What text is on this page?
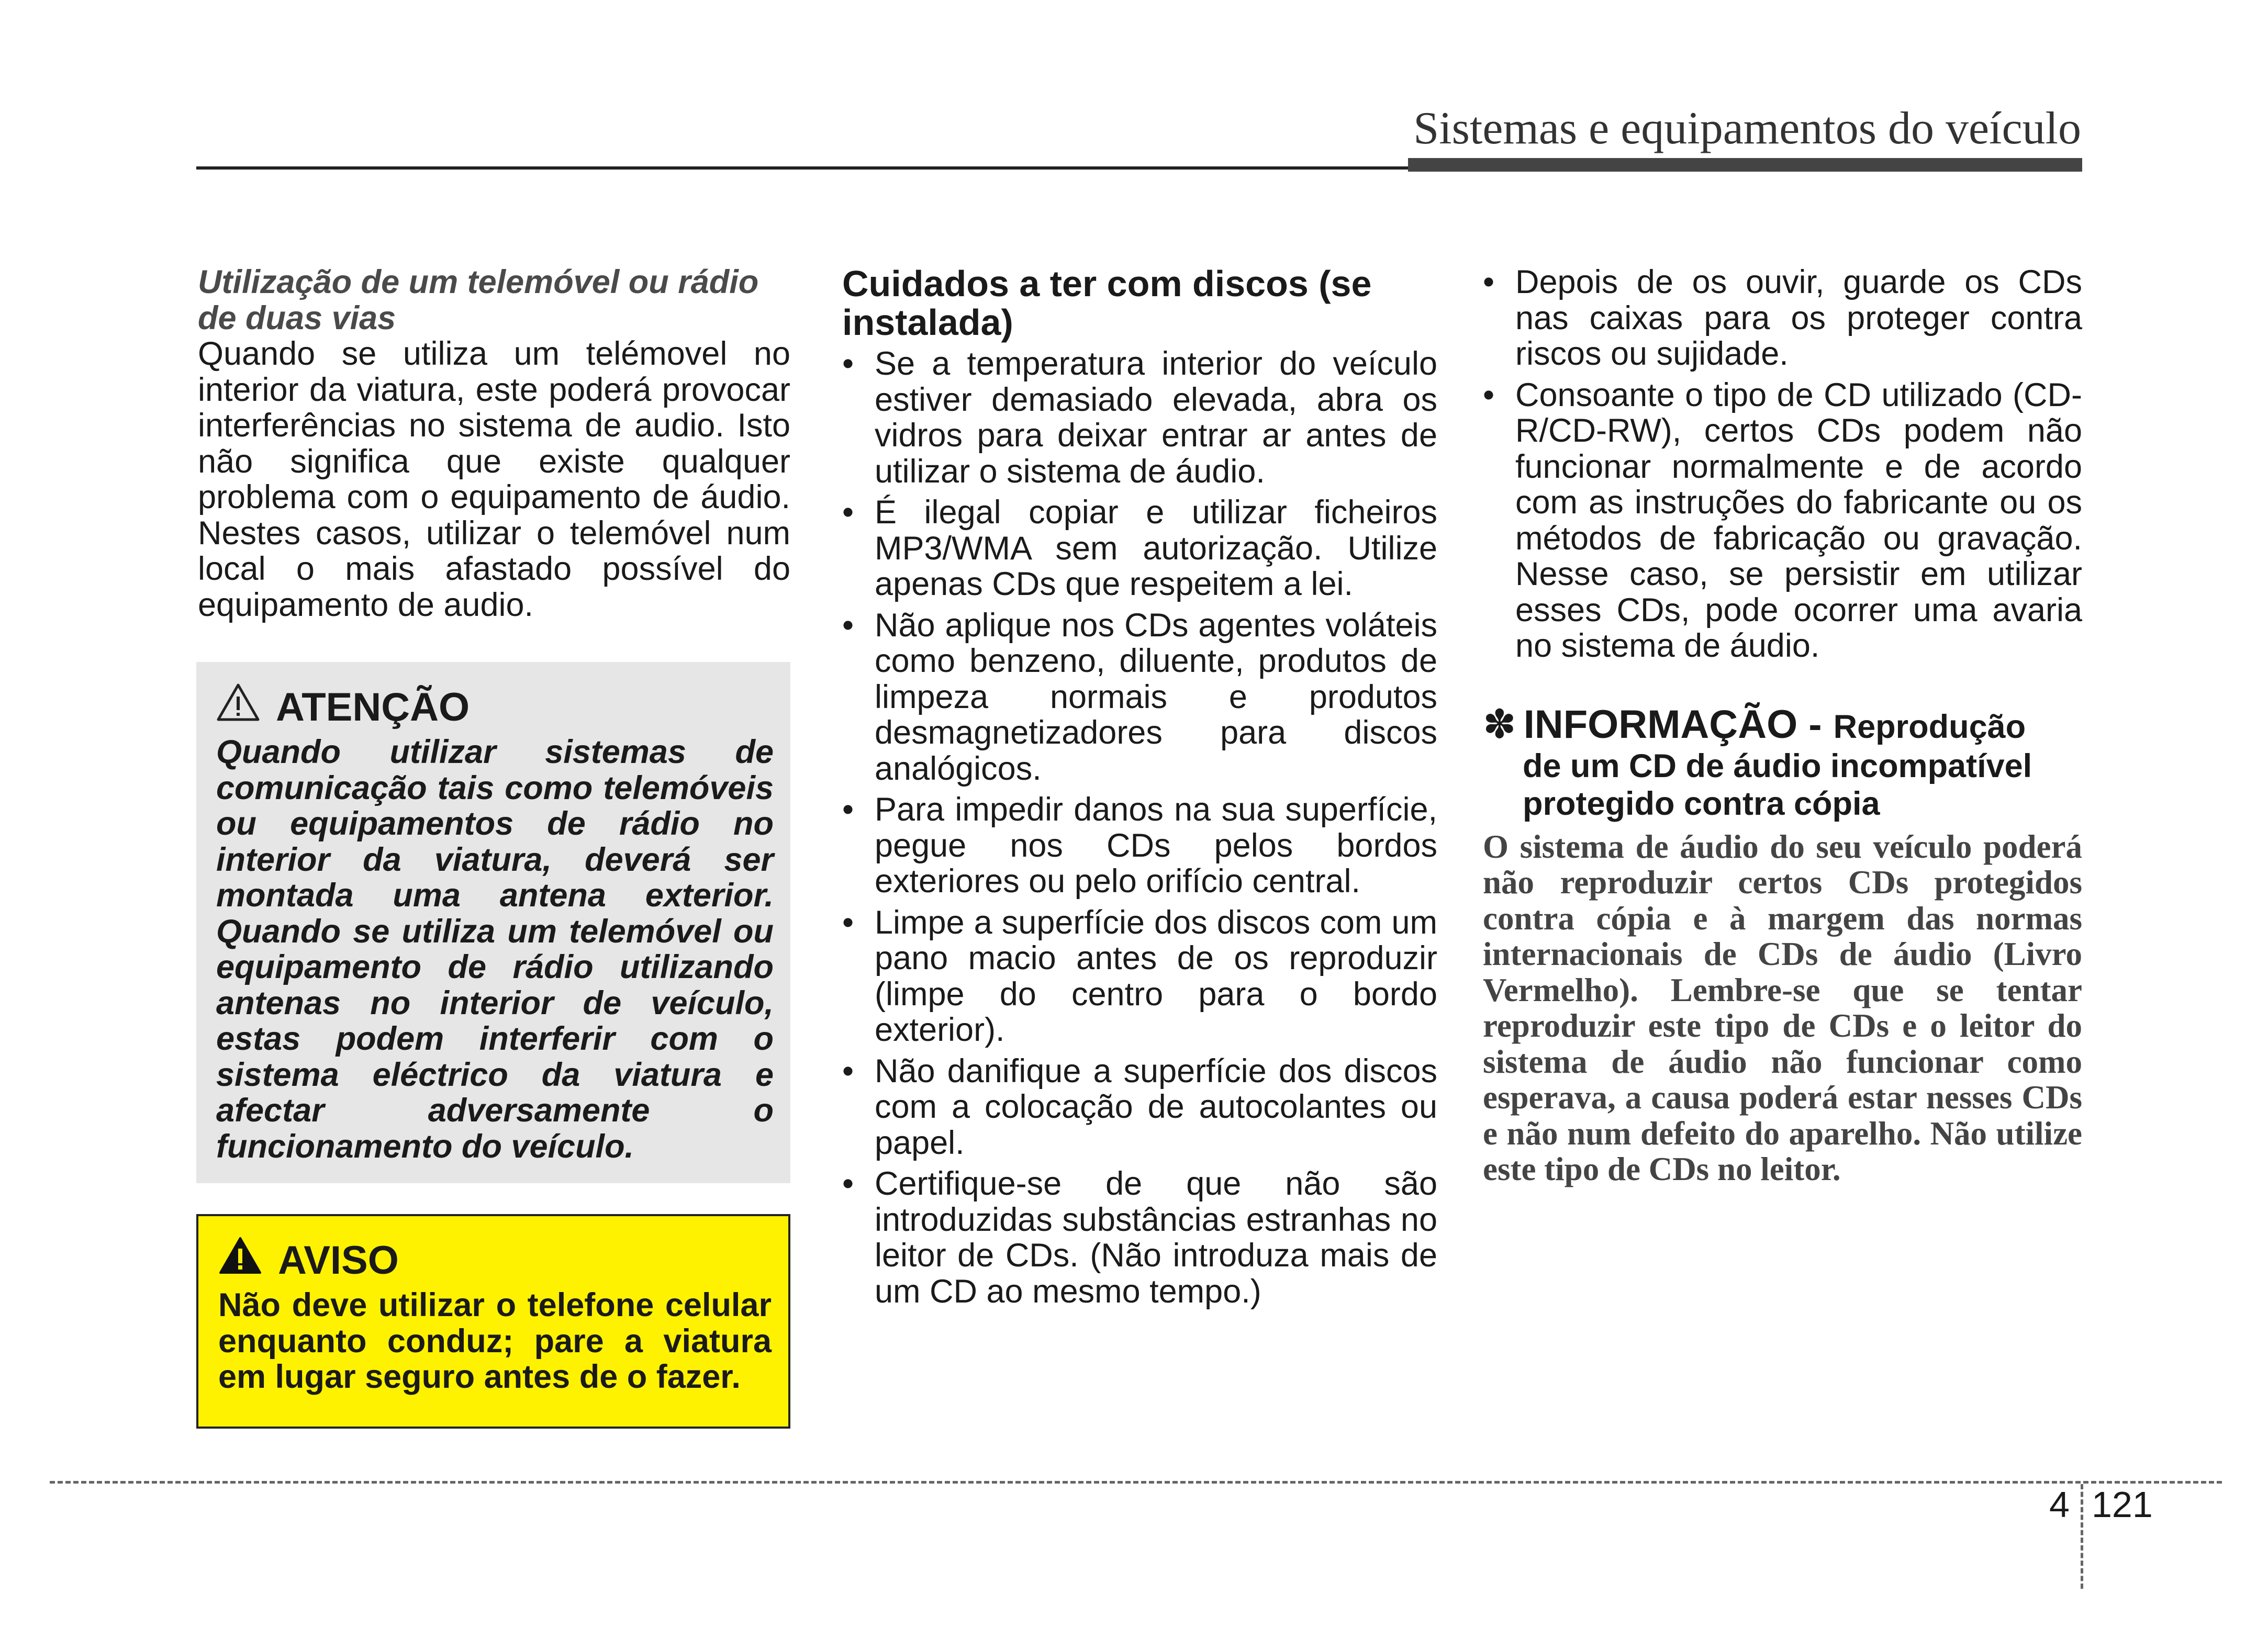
Sistemas e equipamentos do veículo

Utilização de um telemóvel ou rádio de duas vias

Quando se utiliza um telémovel no interior da viatura, este poderá provocar interferências no sistema de audio. Isto não significa que existe qualquer problema com o equipamento de áudio. Nestes casos, utilizar o telemóvel num local o mais afastado possível do equipamento de audio.

ATENÇÃO

Quando utilizar sistemas de comunicação tais como telemóveis ou equipamentos de rádio no interior da viatura, deverá ser montada uma antena exterior. Quando se utiliza um telemóvel ou equipamento de rádio utilizando antenas no interior de veículo, estas podem interferir com o sistema eléctrico da viatura e afectar adversamente o funcionamento do veículo.

AVISO

Não deve utilizar o telefone celular enquanto conduz; pare a viatura em lugar seguro antes de o fazer.

Cuidados a ter com discos (se instalada)

• Se a temperatura interior do veículo estiver demasiado elevada, abra os vidros para deixar entrar ar antes de utilizar o sistema de áudio.
• É ilegal copiar e utilizar ficheiros MP3/WMA sem autorização. Utilize apenas CDs que respeitem a lei.
• Não aplique nos CDs agentes voláteis como benzeno, diluente, produtos de limpeza normais e produtos desmagnetizadores para discos analógicos.
• Para impedir danos na sua superfície, pegue nos CDs pelos bordos exteriores ou pelo orifício central.
• Limpe a superfície dos discos com um pano macio antes de os reproduzir (limpe do centro para o bordo exterior).
• Não danifique a superfície dos discos com a colocação de autocolantes ou papel.
• Certifique-se de que não são introduzidas substâncias estranhas no leitor de CDs. (Não introduza mais de um CD ao mesmo tempo.)
• Depois de os ouvir, guarde os CDs nas caixas para os proteger contra riscos ou sujidade.
• Consoante o tipo de CD utilizado (CD-R/CD-RW), certos CDs podem não funcionar normalmente e de acordo com as instruções do fabricante ou os métodos de fabricação ou gravação. Nesse caso, se persistir em utilizar esses CDs, pode ocorrer uma avaria no sistema de áudio.
✽ INFORMAÇÃO - Reprodução
de um CD de áudio incompatível
protegido contra cópia

O sistema de áudio do seu veículo poderá não reproduzir certos CDs protegidos contra cópia e à margem das normas internacionais de CDs de áudio (Livro Vermelho). Lembre-se que se tentar reproduzir este tipo de CDs e o leitor do sistema de áudio não funcionar como esperava, a causa poderá estar nesses CDs e não num defeito do aparelho. Não utilize este tipo de CDs no leitor.

4 121
